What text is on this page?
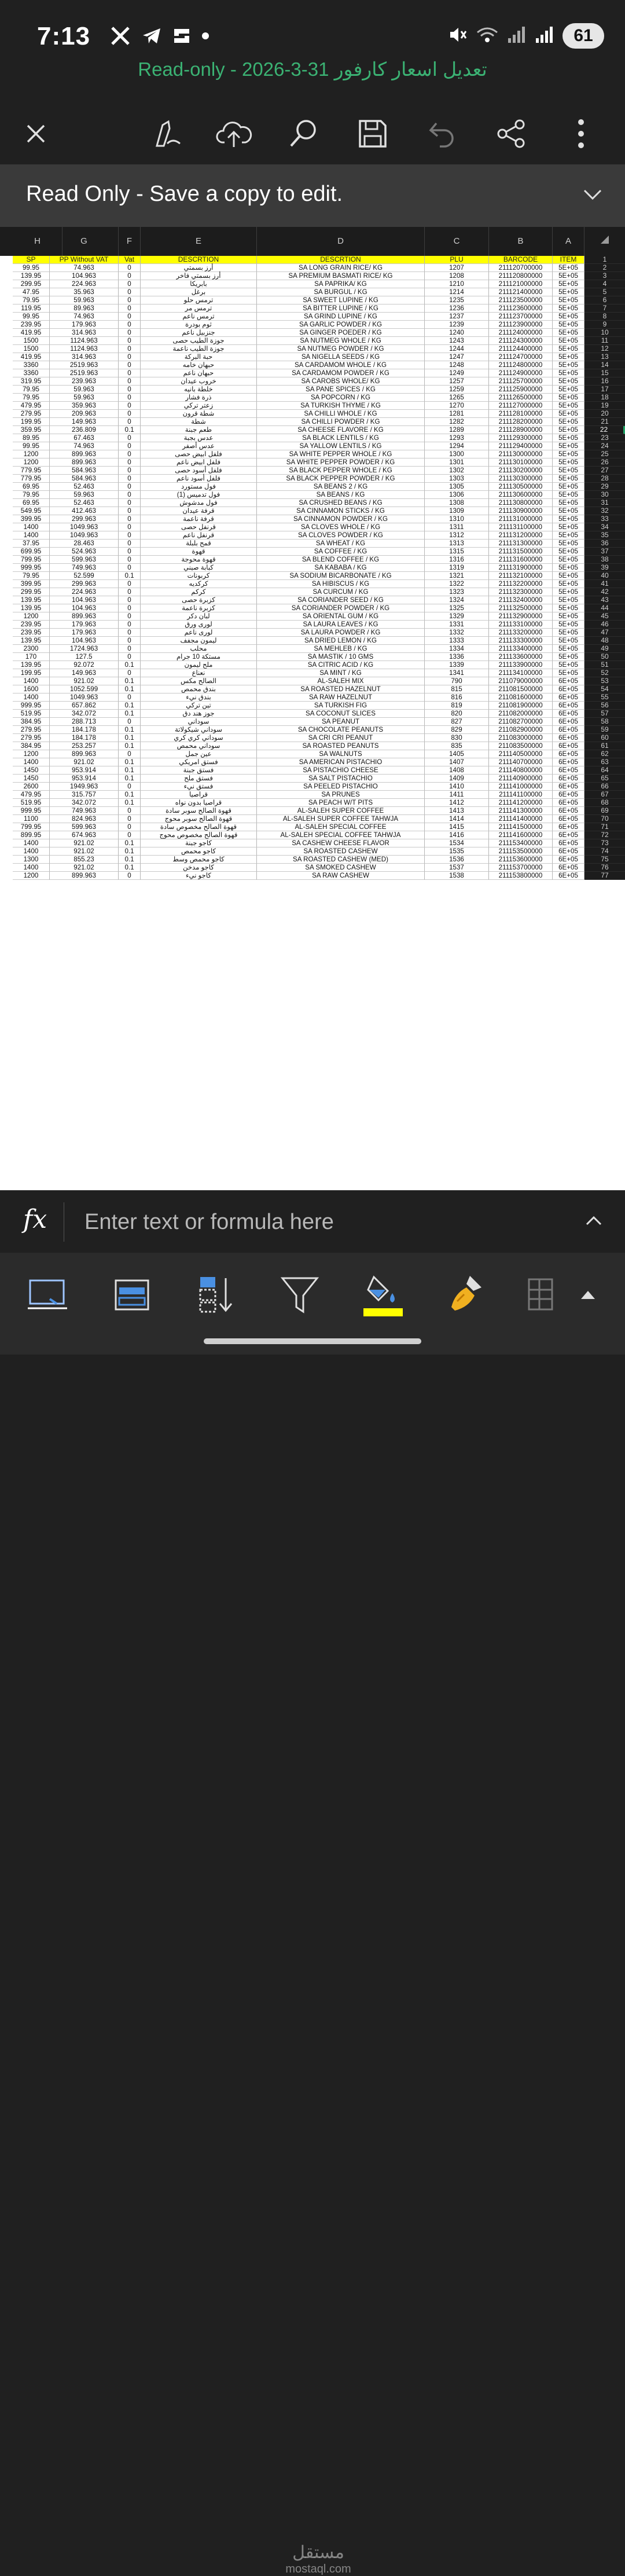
7:13	61
Read-only - 2026-3-31 تعديل اسعار كارفور
Read Only - Save a copy to edit.
H	G	F	E	D	C	B	A
SP	PP Without VAT	Vat	DESCRTION	DESCRTION	PLU	BARCODE	ITEM	1
99.95	74.963	0	أرز بسمتي	SA LONG GRAIN RICE/ KG	1207	211120700000	5E+05	2
139.95	104.963	0	أرز بسمتي فاخر	SA PREMIUM BASMATI RICE/ KG	1208	211120800000	5E+05	3
299.95	224.963	0	بابريكا	SA PAPRIKA/ KG	1210	211121000000	5E+05	4
47.95	35.963	0	برغل	SA BURGUL / KG	1214	211121400000	5E+05	5
79.95	59.963	0	ترمس حلو	SA SWEET LUPINE / KG	1235	211123500000	5E+05	6
119.95	89.963	0	ترمس مر	SA BITTER LUPINE / KG	1236	211123600000	5E+05	7
99.95	74.963	0	ترمس ناعم	SA GRIND LUPINE / KG	1237	211123700000	5E+05	8
239.95	179.963	0	ثوم بودرة	SA GARLIC POWDER / KG	1239	211123900000	5E+05	9
419.95	314.963	0	جنزبيل ناعم	SA GINGER POEDER / KG	1240	211124000000	5E+05	10
1500	1124.963	0	جوزة الطيب حصى	SA NUTMEG WHOLE / KG	1243	211124300000	5E+05	11
1500	1124.963	0	جوزة الطيب ناعمة	SA NUTMEG POWDER / KG	1244	211124400000	5E+05	12
419.95	314.963	0	حبة البركة	SA NIGELLA SEEDS / KG	1247	211124700000	5E+05	13
3360	2519.963	0	حبهان خامه	SA CARDAMOM WHOLE / KG	1248	211124800000	5E+05	14
3360	2519.963	0	حبهان ناعم	SA CARDAMOM POWDER / KG	1249	211124900000	5E+05	15
319.95	239.963	0	خروب عيدان	SA CAROBS WHOLE/ KG	1257	211125700000	5E+05	16
79.95	59.963	0	خلطة بانيه	SA PANE SPICES / KG	1259	211125900000	5E+05	17
79.95	59.963	0	ذرة فشار	SA POPCORN / KG	1265	211126500000	5E+05	18
479.95	359.963	0	زعتر تركي	SA TURKISH THYME / KG	1270	211127000000	5E+05	19
279.95	209.963	0	شطة قرون	SA CHILLI WHOLE / KG	1281	211128100000	5E+05	20
199.95	149.963	0	شطة	SA CHILLI POWDER / KG	1282	211128200000	5E+05	21
359.95	236.809	0.1	طعم جبنة	SA CHEESE FLAVORE / KG	1289	211128900000	5E+05	22
89.95	67.463	0	عدس بجبة	SA BLACK LENTILS / KG	1293	211129300000	5E+05	23
99.95	74.963	0	عدس أصفر	SA YALLOW LENTILS / KG	1294	211129400000	5E+05	24
1200	899.963	0	فلفل ابيض حصى	SA WHITE PEPPER WHOLE / KG	1300	211130000000	5E+05	25
1200	899.963	0	فلفل ابيض ناعم	SA WHITE PEPPER POWDER / KG	1301	211130100000	5E+05	26
779.95	584.963	0	فلفل أسود حصى	SA BLACK PEPPER WHOLE / KG	1302	211130200000	5E+05	27
779.95	584.963	0	فلفل أسود ناعم	SA BLACK PEPPER POWDER / KG	1303	211130300000	5E+05	28
69.95	52.463	0	فول مستورد	SA BEANS 2 / KG	1305	211130500000	5E+05	29
79.95	59.963	0	فول تدميس (1)	SA BEANS / KG	1306	211130600000	5E+05	30
69.95	52.463	0	فول مدشوش	SA CRUSHED BEANS / KG	1308	211130800000	5E+05	31
549.95	412.463	0	قرفة عيدان	SA CINNAMON STICKS / KG	1309	211130900000	5E+05	32
399.95	299.963	0	قرفة ناعمة	SA CINNAMON POWDER / KG	1310	211131000000	5E+05	33
1400	1049.963	0	قرنفل حصى	SA CLOVES WHOLE / KG	1311	211131100000	5E+05	34
1400	1049.963	0	قرنفل ناعم	SA CLOVES POWDER / KG	1312	211131200000	5E+05	35
37.95	28.463	0	قمح بلبلة	SA WHEAT / KG	1313	211131300000	5E+05	36
699.95	524.963	0	قهوة	SA COFFEE / KG	1315	211131500000	5E+05	37
799.95	599.963	0	قهوة محوجة	SA BLEND COFFEE / KG	1316	211131600000	5E+05	38
999.95	749.963	0	كبابة صيني	SA KABABA / KG	1319	211131900000	5E+05	39
79.95	52.599	0.1	كربونات	SA SODIUM BICARBONATE / KG	1321	211132100000	5E+05	40
399.95	299.963	0	كركديه	SA HIBISCUS / KG	1322	211132200000	5E+05	41
299.95	224.963	0	كركم	SA CURCUM / KG	1323	211132300000	5E+05	42
139.95	104.963	0	كزبرة حصى	SA CORIANDER SEED / KG	1324	211132400000	5E+05	43
139.95	104.963	0	كزبرة ناعمة	SA CORIANDER POWDER / KG	1325	211132500000	5E+05	44
1200	899.963	0	لبان دكر	SA ORIENTAL GUM / KG	1329	211132900000	5E+05	45
239.95	179.963	0	لورى ورق	SA LAURA LEAVES / KG	1331	211133100000	5E+05	46
239.95	179.963	0	لورى ناعم	SA LAURA POWDER / KG	1332	211133200000	5E+05	47
139.95	104.963	0	ليمون مجفف	SA DRIED LEMON / KG	1333	211133300000	5E+05	48
2300	1724.963	0	محلب	SA MEHLEB / KG	1334	211133400000	5E+05	49
170	127.5	0	مستكة 10 جرام	SA MASTIK / 10 GMS	1336	211133600000	5E+05	50
139.95	92.072	0.1	ملح ليمون	SA CITRIC ACID / KG	1339	211133900000	5E+05	51
199.95	149.963	0	نعناع	SA MINT / KG	1341	211134100000	5E+05	52
1400	921.02	0.1	الصالح مكس	AL-SALEH MIX	790	211079000000	6E+05	53
1600	1052.599	0.1	بندق محمص	SA ROASTED HAZELNUT	815	211081500000	6E+05	54
1400	1049.963	0	بندق نيء	SA RAW HAZELNUT	816	211081600000	6E+05	55
999.95	657.862	0.1	تين تركي	SA TURKISH FIG	819	211081900000	6E+05	56
519.95	342.072	0.1	جوز هند دق	SA COCONUT SLICES	820	211082000000	6E+05	57
384.95	288.713	0	سوداني	SA PEANUT	827	211082700000	6E+05	58
279.95	184.178	0.1	سوداني شيكولاتة	SA CHOCOLATE PEANUTS	829	211082900000	6E+05	59
279.95	184.178	0.1	سوداني كري كري	SA CRI CRI PEANUT	830	211083000000	6E+05	60
384.95	253.257	0.1	سوداني محمص	SA ROASTED PEANUTS	835	211083500000	6E+05	61
1200	899.963	0	عين جمل	SA WALNUTS	1405	211140500000	6E+05	62
1400	921.02	0.1	فستق امريكي	SA AMERICAN PISTACHIO	1407	211140700000	6E+05	63
1450	953.914	0.1	فستق جبنة	SA PISTACHIO CHEESE	1408	211140800000	6E+05	64
1450	953.914	0.1	فستق ملح	SA SALT PISTACHIO	1409	211140900000	6E+05	65
2600	1949.963	0	فستق نيء	SA PEELED PISTACHIO	1410	211141000000	6E+05	66
479.95	315.757	0.1	قراصيا	SA PRUNES	1411	211141100000	6E+05	67
519.95	342.072	0.1	قراصيا بدون نواه	SA PEACH W/T PITS	1412	211141200000	6E+05	68
999.95	749.963	0	قهوة الصالح سوبر سادة	AL-SALEH SUPER COFFEE	1413	211141300000	6E+05	69
1100	824.963	0	قهوة الصالح سوبر محوج	AL-SALEH SUPER COFFEE TAHWJA	1414	211141400000	6E+05	70
799.95	599.963	0	قهوة الصالح مخصوص سادة	AL-SALEH SPECIAL COFFEE	1415	211141500000	6E+05	71
899.95	674.963	0	قهوة الصالح مخصوص محوج	AL-SALEH SPECIAL COFFEE TAHWJA	1416	211141600000	6E+05	72
1400	921.02	0.1	كاجو جبنة	SA CASHEW CHEESE FLAVOR	1534	211153400000	6E+05	73
1400	921.02	0.1	كاجو محمص	SA ROASTED CASHEW	1535	211153500000	6E+05	74
1300	855.23	0.1	كاجو محمص وسط	SA ROASTED CASHEW (MED)	1536	211153600000	6E+05	75
1400	921.02	0.1	كاجو مدخن	SA SMOKED CASHEW	1537	211153700000	6E+05	76
1200	899.963	0	كاجو نيء	SA RAW CASHEW	1538	211153800000	6E+05	77
fx
Enter text or formula here
مستقل
mostaql.com
